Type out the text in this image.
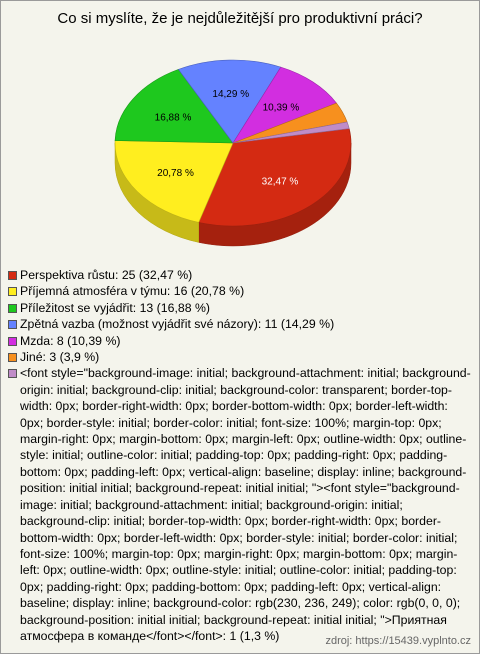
Co si myslíte, že je nejdůležitější pro produktivní práci?
32,47 %
20,78 %
16,88 %
14,29 %
10,39 %
Perspektiva růstu: 25 (32,47 %)
Příjemná atmosféra v týmu: 16 (20,78 %)
Příležitost se vyjádřit: 13 (16,88 %)
Zpětná vazba (možnost vyjádřit své názory): 11 (14,29 %)
Mzda: 8 (10,39 %)
Jiné: 3 (3,9 %)
<font style="background-image: initial; background-attachment: initial; background-origin: initial; background-clip: initial; background-color: transparent; border-top-width: 0px; border-right-width: 0px; border-bottom-width: 0px; border-left-width: 0px; border-style: initial; border-color: initial; font-size: 100%; margin-top: 0px; margin-right: 0px; margin-bottom: 0px; margin-left: 0px; outline-width: 0px; outline-style: initial; outline-color: initial; padding-top: 0px; padding-right: 0px; padding-bottom: 0px; padding-left: 0px; vertical-align: baseline; display: inline; background-position: initial initial; background-repeat: initial initial; "><font style="background-image: initial; background-attachment: initial; background-origin: initial; background-clip: initial; border-top-width: 0px; border-right-width: 0px; border-bottom-width: 0px; border-left-width: 0px; border-style: initial; border-color: initial; font-size: 100%; margin-top: 0px; margin-right: 0px; margin-bottom: 0px; margin-left: 0px; outline-width: 0px; outline-style: initial; outline-color: initial; padding-top: 0px; padding-right: 0px; padding-bottom: 0px; padding-left: 0px; vertical-align: baseline; display: inline; background-color: rgb(230, 236, 249); color: rgb(0, 0, 0); background-position: initial initial; background-repeat: initial initial; ">Приятная атмосфера в команде</font></font>: 1 (1,3 %)	zdroj: https://15439.vyplnto.cz
